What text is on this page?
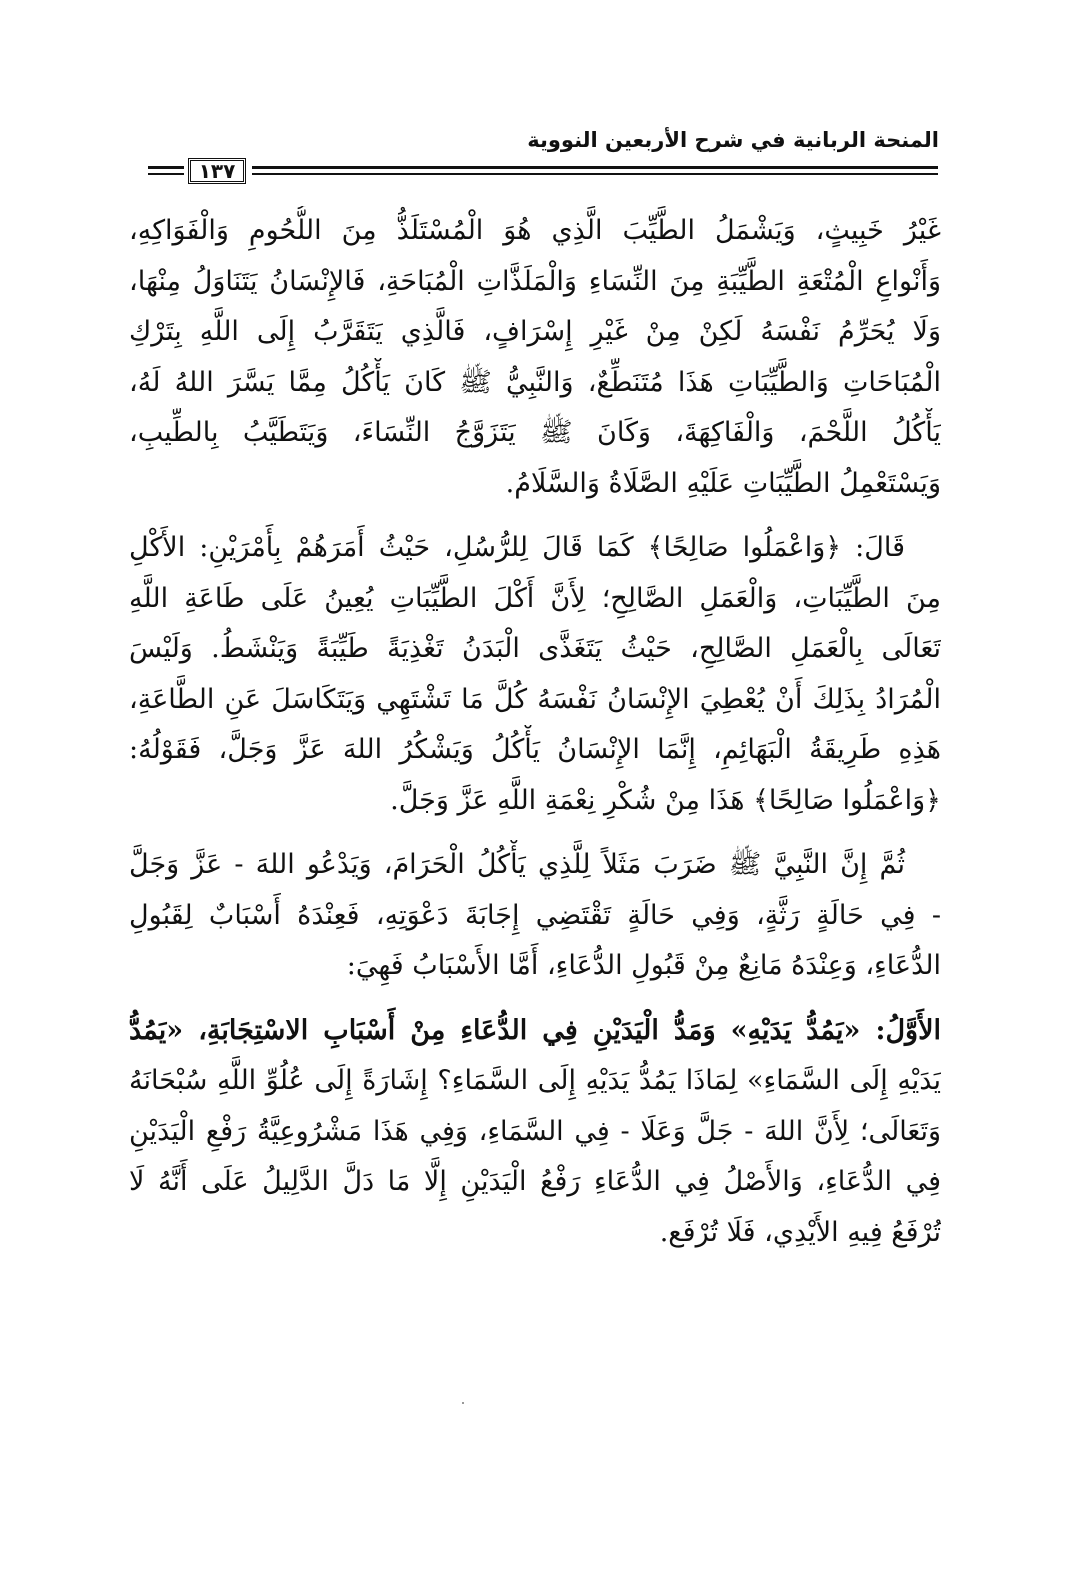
المنحة الربانية في شرح الأربعين النووية
١٣٧

غَيْرُ خَبِيثٍ، وَيَشْمَلُ الطَّيِّبَ الَّذِي هُوَ الْمُسْتَلَذُّ مِنَ اللُّحُومِ وَالْفَوَاكِهِ،
وَأَنْواعِ الْمُتْعَةِ الطَّيِّبَةِ مِنَ النِّسَاءِ وَالْمَلَذَّاتِ الْمُبَاحَةِ، فَالإِنْسَانُ يَتَنَاوَلُ مِنْهَا،
وَلَا يُحَرِّمُ نَفْسَهُ لَكِنْ مِنْ غَيْرِ إِسْرَافٍ، فَالَّذِي يَتَقَرَّبُ إِلَى اللَّهِ بِتَرْكِ
الْمُبَاحَاتِ وَالطَّيِّبَاتِ هَذَا مُتَنَطِّعٌ، وَالنَّبِيُّ ﷺ كَانَ يَأْكُلُ مِمَّا يَسَّرَ اللهُ لَهُ،
يَأْكُلُ اللَّحْمَ، وَالْفَاكِهَةَ، وَكَانَ ﷺ يَتَزَوَّجُ النِّسَاءَ، وَيَتَطَيَّبُ بِالطِّيبِ،
وَيَسْتَعْمِلُ الطَّيِّبَاتِ عَلَيْهِ الصَّلَاةُ وَالسَّلَامُ.

قَالَ: ﴿وَاعْمَلُوا صَالِحًا﴾ كَمَا قَالَ لِلرُّسُلِ، حَيْثُ أَمَرَهُمْ بِأَمْرَيْنِ: الأَكْلِ
مِنَ الطَّيِّبَاتِ، وَالْعَمَلِ الصَّالِحِ؛ لِأَنَّ أَكْلَ الطَّيِّبَاتِ يُعِينُ عَلَى طَاعَةِ اللَّهِ
تَعَالَى بِالْعَمَلِ الصَّالِحِ، حَيْثُ يَتَغَذَّى الْبَدَنُ تَغْذِيَةً طَيِّبَةً وَيَنْشَطُ. وَلَيْسَ
الْمُرَادُ بِذَلِكَ أَنْ يُعْطِيَ الإِنْسَانُ نَفْسَهُ كُلَّ مَا تَشْتَهِي وَيَتَكَاسَلَ عَنِ الطَّاعَةِ،
هَذِهِ طَرِيقَةُ الْبَهَائِمِ، إِنَّمَا الإِنْسَانُ يَأْكُلُ وَيَشْكُرُ اللهَ عَزَّ وَجَلَّ، فَقَوْلُهُ:
﴿وَاعْمَلُوا صَالِحًا﴾ هَذَا مِنْ شُكْرِ نِعْمَةِ اللَّهِ عَزَّ وَجَلَّ.

ثُمَّ إِنَّ النَّبِيَّ ﷺ ضَرَبَ مَثَلاً لِلَّذِي يَأْكُلُ الْحَرَامَ، وَيَدْعُو اللهَ - عَزَّ وَجَلَّ
- فِي حَالَةٍ رَثَّةٍ، وَفِي حَالَةٍ تَقْتَضِي إِجَابَةَ دَعْوَتِهِ، فَعِنْدَهُ أَسْبَابٌ لِقَبُولِ
الدُّعَاءِ، وَعِنْدَهُ مَانِعٌ مِنْ قَبُولِ الدُّعَاءِ، أَمَّا الأَسْبَابُ فَهِيَ:

الأَوَّلُ: «يَمُدُّ يَدَيْهِ» وَمَدُّ الْيَدَيْنِ فِي الدُّعَاءِ مِنْ أَسْبَابِ الاسْتِجَابَةِ، «يَمُدُّ
يَدَيْهِ إِلَى السَّمَاءِ» لِمَاذَا يَمُدُّ يَدَيْهِ إِلَى السَّمَاءِ؟ إِشَارَةً إِلَى عُلُوِّ اللَّهِ سُبْحَانَهُ
وَتَعَالَى؛ لِأَنَّ اللهَ - جَلَّ وَعَلَا - فِي السَّمَاءِ، وَفِي هَذَا مَشْرُوعِيَّةُ رَفْعِ الْيَدَيْنِ
فِي الدُّعَاءِ، وَالأَصْلُ فِي الدُّعَاءِ رَفْعُ الْيَدَيْنِ إِلَّا مَا دَلَّ الدَّلِيلُ عَلَى أَنَّهُ لَا
تُرْفَعُ فِيهِ الأَيْدِي، فَلَا تُرْفَع.
